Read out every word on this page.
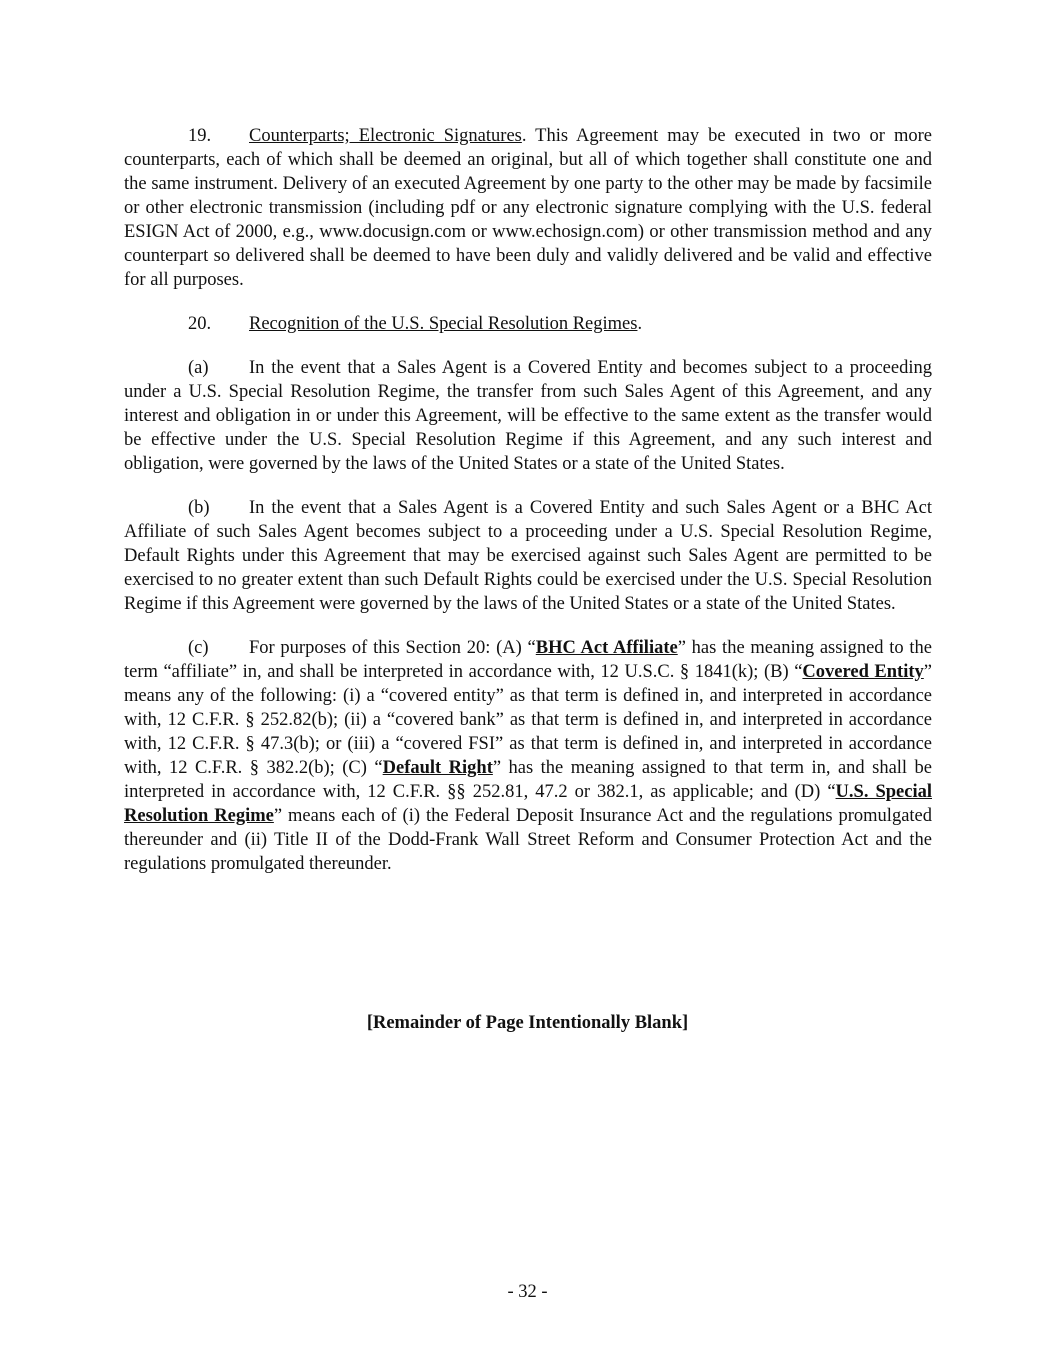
19. Counterparts; Electronic Signatures. This Agreement may be executed in two or more counterparts, each of which shall be deemed an original, but all of which together shall constitute one and the same instrument. Delivery of an executed Agreement by one party to the other may be made by facsimile or other electronic transmission (including pdf or any electronic signature complying with the U.S. federal ESIGN Act of 2000, e.g., www.docusign.com or www.echosign.com) or other transmission method and any counterpart so delivered shall be deemed to have been duly and validly delivered and be valid and effective for all purposes.

20. Recognition of the U.S. Special Resolution Regimes.

(a) In the event that a Sales Agent is a Covered Entity and becomes subject to a proceeding under a U.S. Special Resolution Regime, the transfer from such Sales Agent of this Agreement, and any interest and obligation in or under this Agreement, will be effective to the same extent as the transfer would be effective under the U.S. Special Resolution Regime if this Agreement, and any such interest and obligation, were governed by the laws of the United States or a state of the United States.

(b) In the event that a Sales Agent is a Covered Entity and such Sales Agent or a BHC Act Affiliate of such Sales Agent becomes subject to a proceeding under a U.S. Special Resolution Regime, Default Rights under this Agreement that may be exercised against such Sales Agent are permitted to be exercised to no greater extent than such Default Rights could be exercised under the U.S. Special Resolution Regime if this Agreement were governed by the laws of the United States or a state of the United States.

(c) For purposes of this Section 20: (A) “BHC Act Affiliate” has the meaning assigned to the term “affiliate” in, and shall be interpreted in accordance with, 12 U.S.C. § 1841(k); (B) “Covered Entity” means any of the following: (i) a “covered entity” as that term is defined in, and interpreted in accordance with, 12 C.F.R. § 252.82(b); (ii) a “covered bank” as that term is defined in, and interpreted in accordance with, 12 C.F.R. § 47.3(b); or (iii) a “covered FSI” as that term is defined in, and interpreted in accordance with, 12 C.F.R. § 382.2(b); (C) “Default Right” has the meaning assigned to that term in, and shall be interpreted in accordance with, 12 C.F.R. §§ 252.81, 47.2 or 382.1, as applicable; and (D) “U.S. Special Resolution Regime” means each of (i) the Federal Deposit Insurance Act and the regulations promulgated thereunder and (ii) Title II of the Dodd-Frank Wall Street Reform and Consumer Protection Act and the regulations promulgated thereunder.

[Remainder of Page Intentionally Blank]
- 32 -
